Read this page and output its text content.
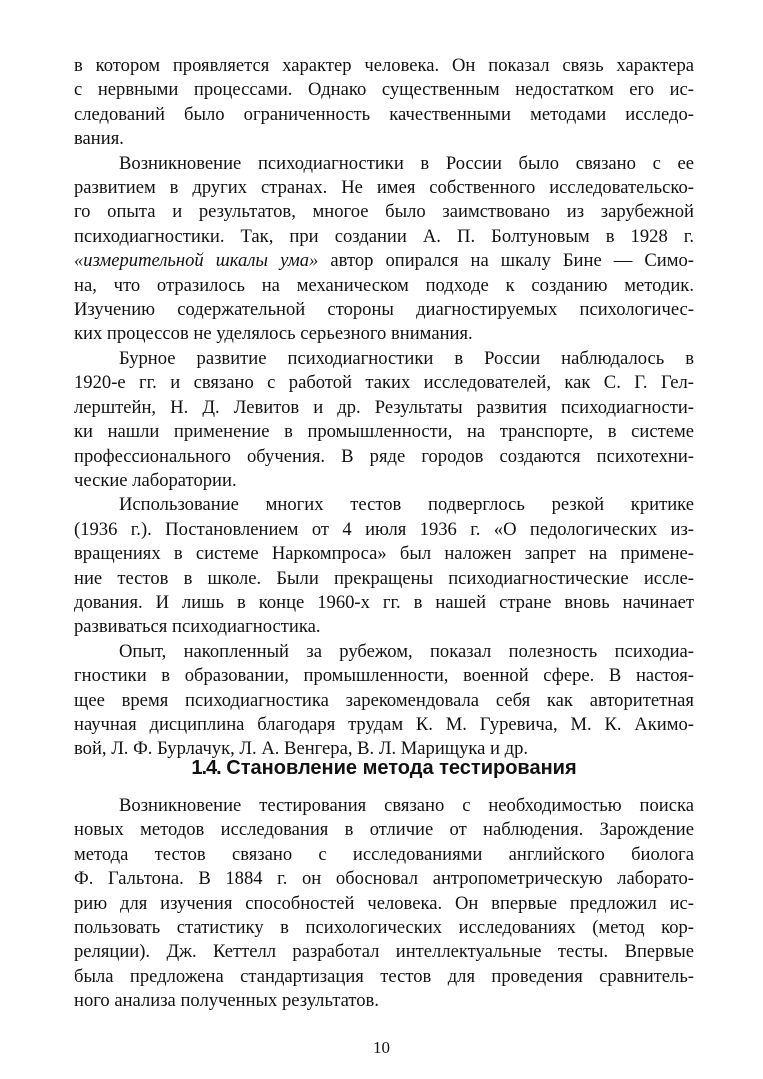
в котором проявляется характер человека. Он показал связь характера
с нервными процессами. Однако существенным недостатком его ис-
следований было ограниченность качественными методами исследо-
вания.
Возникновение психодиагностики в России было связано с ее
развитием в других странах. Не имея собственного исследовательско-
го опыта и результатов, многое было заимствовано из зарубежной
психодиагностики. Так, при создании А. П. Болтуновым в 1928 г.
«измерительной шкалы ума» автор опирался на шкалу Бине — Симо-
на, что отразилось на механическом подходе к созданию методик.
Изучению содержательной стороны диагностируемых психологичес-
ких процессов не уделялось серьезного внимания.
Бурное развитие психодиагностики в России наблюдалось в
1920-е гг. и связано с работой таких исследователей, как С. Г. Гел-
лерштейн, Н. Д. Левитов и др. Результаты развития психодиагности-
ки нашли применение в промышленности, на транспорте, в системе
профессионального обучения. В ряде городов создаются психотехни-
ческие лаборатории.
Использование многих тестов подверглось резкой критике
(1936 г.). Постановлением от 4 июля 1936 г. «О педологических из-
вращениях в системе Наркомпроса» был наложен запрет на примене-
ние тестов в школе. Были прекращены психодиагностические иссле-
дования. И лишь в конце 1960-х гг. в нашей стране вновь начинает
развиваться психодиагностика.
Опыт, накопленный за рубежом, показал полезность психодиа-
гностики в образовании, промышленности, военной сфере. В настоя-
щее время психодиагностика зарекомендовала себя как авторитетная
научная дисциплина благодаря трудам К. М. Гуревича, М. К. Акимо-
вой, Л. Ф. Бурлачук, Л. А. Венгера, В. Л. Марищука и др.
1.4. Становление метода тестирования
Возникновение тестирования связано с необходимостью поиска
новых методов исследования в отличие от наблюдения. Зарождение
метода тестов связано с исследованиями английского биолога
Ф. Гальтона. В 1884 г. он обосновал антропометрическую лаборато-
рию для изучения способностей человека. Он впервые предложил ис-
пользовать статистику в психологических исследованиях (метод кор-
реляции). Дж. Кеттелл разработал интеллектуальные тесты. Впервые
была предложена стандартизация тестов для проведения сравнитель-
ного анализа полученных результатов.
10
